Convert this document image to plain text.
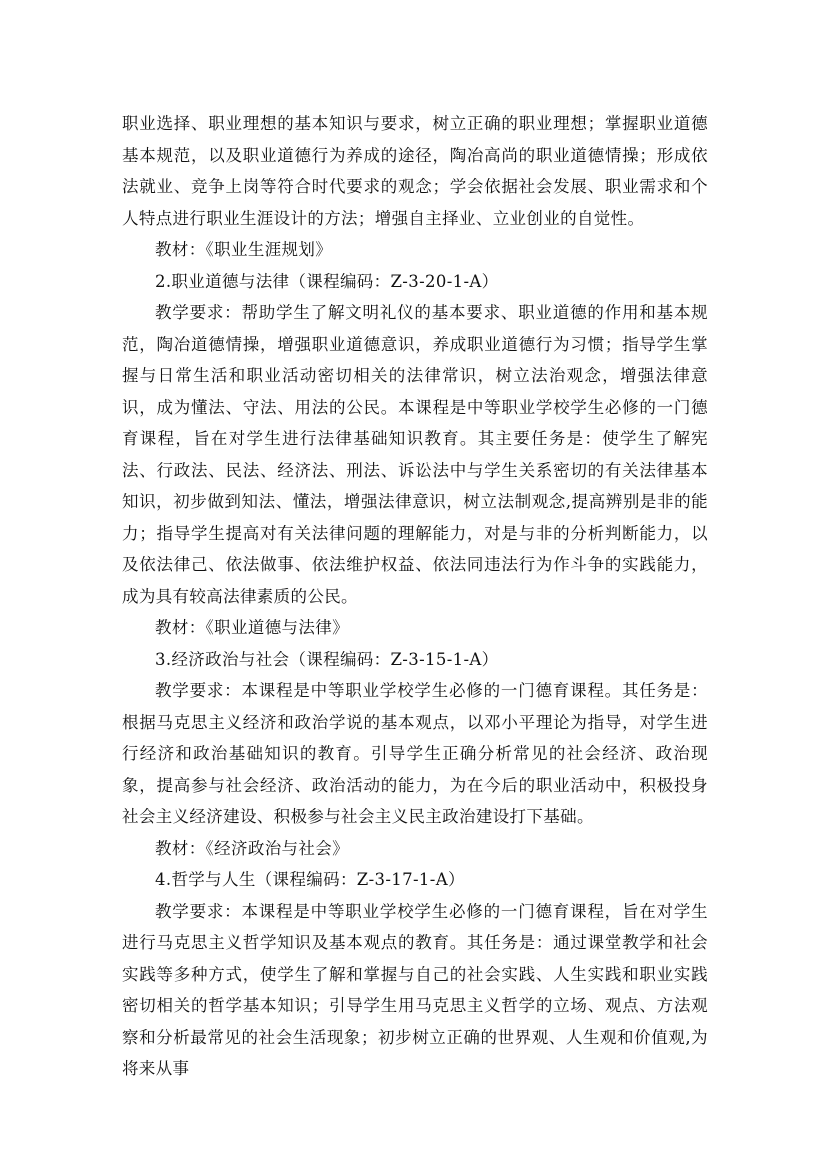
职业选择、职业理想的基本知识与要求，树立正确的职业理想；掌握职业道德基本规范，以及职业道德行为养成的途径，陶冶高尚的职业道德情操；形成依法就业、竞争上岗等符合时代要求的观念；学会依据社会发展、职业需求和个人特点进行职业生涯设计的方法；增强自主择业、立业创业的自觉性。

教材：《职业生涯规划》

2.职业道德与法律（课程编码：Z-3-20-1-A）

教学要求：帮助学生了解文明礼仪的基本要求、职业道德的作用和基本规范，陶冶道德情操，增强职业道德意识，养成职业道德行为习惯；指导学生掌握与日常生活和职业活动密切相关的法律常识，树立法治观念，增强法律意识，成为懂法、守法、用法的公民。本课程是中等职业学校学生必修的一门德育课程，旨在对学生进行法律基础知识教育。其主要任务是：使学生了解宪法、行政法、民法、经济法、刑法、诉讼法中与学生关系密切的有关法律基本知识，初步做到知法、懂法，增强法律意识，树立法制观念,提高辨别是非的能力；指导学生提高对有关法律问题的理解能力，对是与非的分析判断能力，以及依法律己、依法做事、依法维护权益、依法同违法行为作斗争的实践能力，成为具有较高法律素质的公民。

教材：《职业道德与法律》

3.经济政治与社会（课程编码：Z-3-15-1-A）

教学要求：本课程是中等职业学校学生必修的一门德育课程。其任务是：根据马克思主义经济和政治学说的基本观点，以邓小平理论为指导，对学生进行经济和政治基础知识的教育。引导学生正确分析常见的社会经济、政治现象，提高参与社会经济、政治活动的能力，为在今后的职业活动中，积极投身社会主义经济建设、积极参与社会主义民主政治建设打下基础。

教材：《经济政治与社会》

4.哲学与人生（课程编码：Z-3-17-1-A）

教学要求：本课程是中等职业学校学生必修的一门德育课程，旨在对学生进行马克思主义哲学知识及基本观点的教育。其任务是：通过课堂教学和社会实践等多种方式，使学生了解和掌握与自己的社会实践、人生实践和职业实践密切相关的哲学基本知识；引导学生用马克思主义哲学的立场、观点、方法观察和分析最常见的社会生活现象；初步树立正确的世界观、人生观和价值观,为将来从事
